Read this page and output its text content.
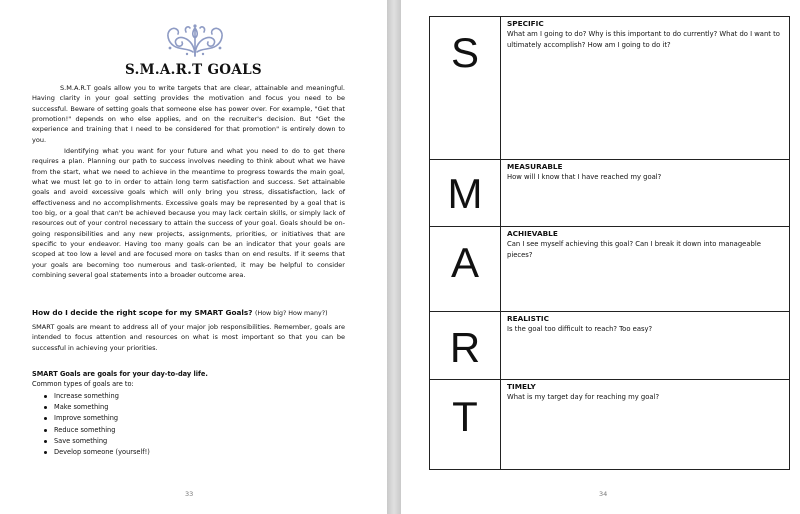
S.M.A.R.T GOALS

S.M.A.R.T goals allow you to write targets that are clear, attainable and meaningful. Having clarity in your goal setting provides the motivation and focus you need to be successful. Beware of setting goals that someone else has power over. For example, "Get that promotion!" depends on who else applies, and on the recruiter's decision. But "Get the experience and training that I need to be considered for that promotion" is entirely down to you.

Identifying what you want for your future and what you need to do to get there requires a plan. Planning our path to success involves needing to think about what we have from the start, what we need to achieve in the meantime to progress towards the main goal, what we must let go to in order to attain long term satisfaction and success. Set attainable goals and avoid excessive goals which will only bring you stress, dissatisfaction, lack of effectiveness and no accomplishments. Excessive goals may be represented by a goal that is too big, or a goal that can't be achieved because you may lack certain skills, or simply lack of resources out of your control necessary to attain the success of your goal. Goals should be on-going responsibilities and any new projects, assignments, priorities, or initiatives that are specific to your endeavor. Having too many goals can be an indicator that your goals are scoped at too low a level and are focused more on tasks than on end results. If it seems that your goals are becoming too numerous and task-oriented, it may be helpful to consider combining several goal statements into a broader outcome area.

How do I decide the right scope for my SMART Goals? (How big? How many?)

SMART goals are meant to address all of your major job responsibilities. Remember, goals are intended to focus attention and resources on what is most important so that you can be successful in achieving your priorities.

SMART Goals are goals for your day-to-day life.
Common types of goals are to:
Increase something
Make something
Improve something
Reduce something
Save something
Develop someone (yourself!)
33
S
SPECIFIC
What am I going to do? Why is this important to do currently? What do I want to ultimately accomplish? How am I going to do it?
M
MEASURABLE
How will I know that I have reached my goal?
A
ACHIEVABLE
Can I see myself achieving this goal? Can I break it down into manageable pieces?
R
REALISTIC
Is the goal too difficult to reach? Too easy?
T
TIMELY
What is my target day for reaching my goal?
34
